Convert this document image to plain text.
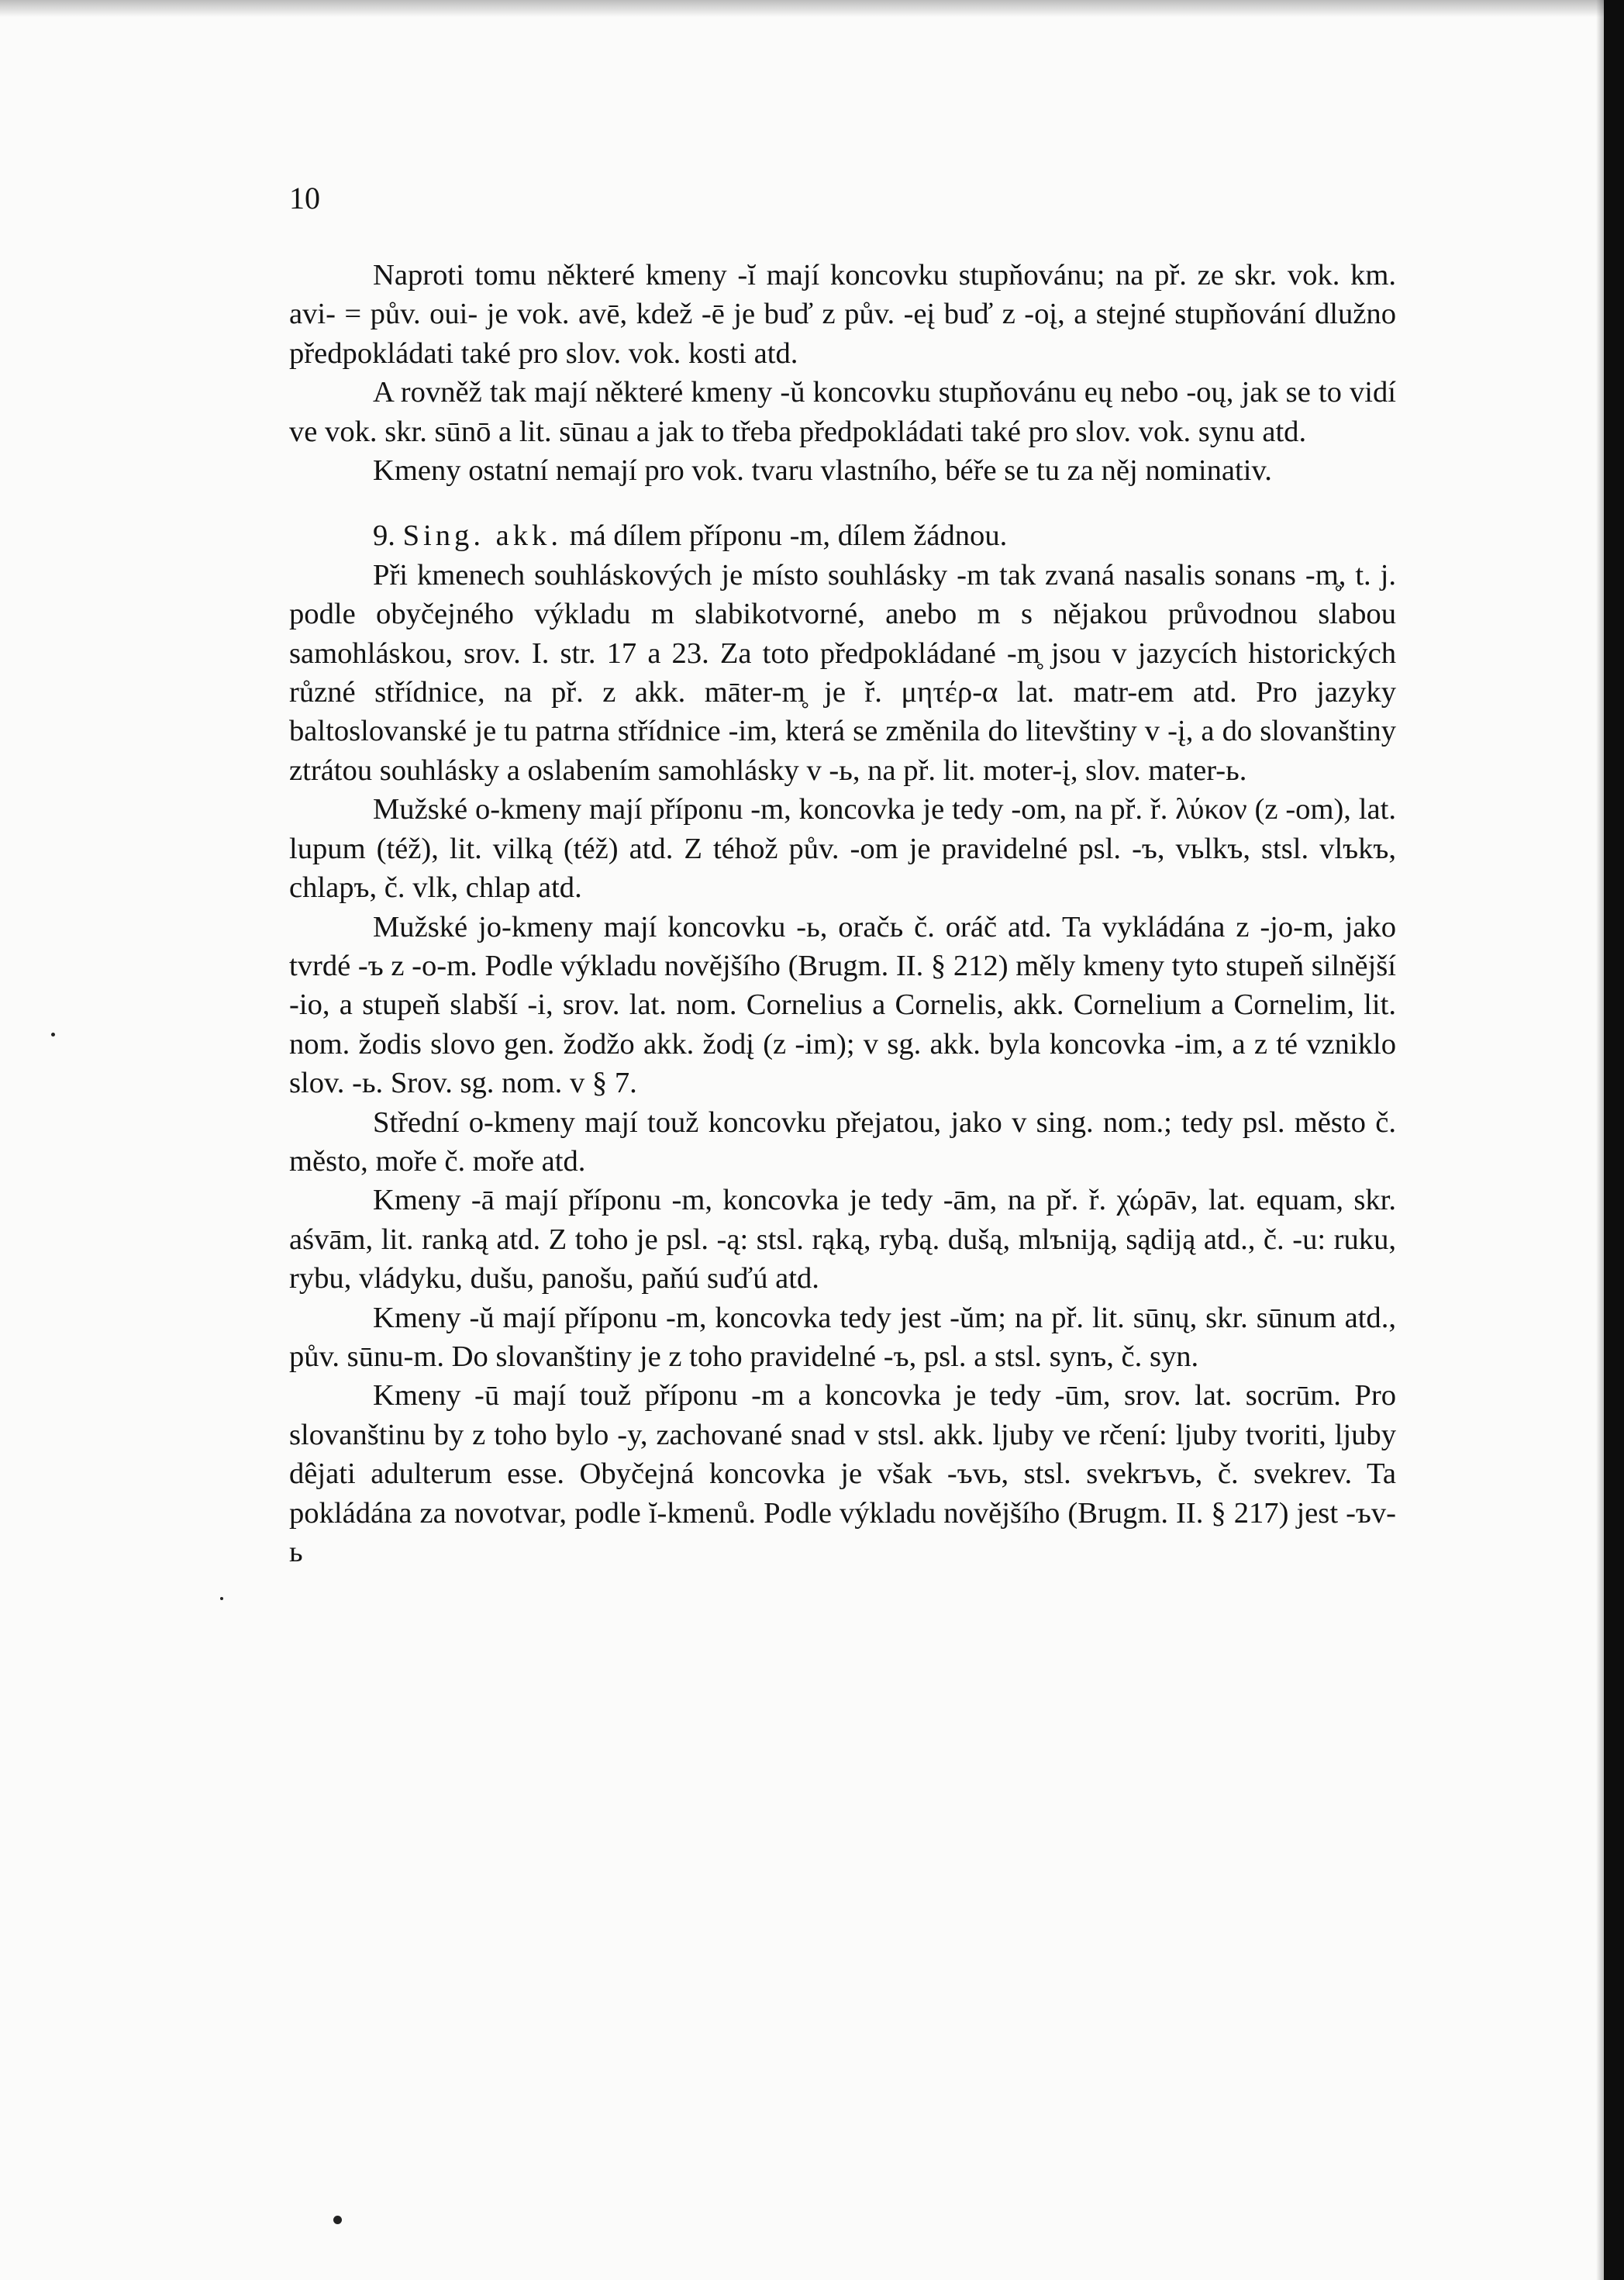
10

Naproti tomu některé kmeny -ĭ mají koncovku stupňovánu; na př. ze skr. vok. km. avi- = pův. oui- je vok. avē, kdež -ē je buď z pův. -eį buď z -oį, a stejné stupňování dlužno předpokládati také pro slov. vok. kosti atd.

A rovněž tak mají některé kmeny -ŭ koncovku stupňovánu eų nebo -oų, jak se to vidí ve vok. skr. sūnō a lit. sūnau a jak to třeba předpokládati také pro slov. vok. synu atd.

Kmeny ostatní nemají pro vok. tvaru vlastního, béře se tu za něj nominativ.

9. Sing. akk. má dílem příponu -m, dílem žádnou.

Při kmenech souhláskových je místo souhlásky -m tak zvaná nasalis sonans -m̥, t. j. podle obyčejného výkladu m slabikotvorné, anebo m s nějakou průvodnou slabou samohláskou, srov. I. str. 17 a 23. Za toto předpokládané -m̥ jsou v jazycích historických různé střídnice, na př. z akk. māter-m̥ je ř. μητέρ-α lat. matr-em atd. Pro jazyky baltoslovanské je tu patrna střídnice -im, která se změnila do litevštiny v -į, a do slovanštiny ztrátou souhlásky a oslabením samohlásky v -ь, na př. lit. moter-į, slov. mater-ь.

Mužské o-kmeny mají příponu -m, koncovka je tedy -om, na př. ř. λύκον (z -om), lat. lupum (též), lit. vilką (též) atd. Z téhož pův. -om je pravidelné psl. -ъ, vьlkъ, stsl. vlъkъ, chlapъ, č. vlk, chlap atd.

Mužské jo-kmeny mají koncovku -ь, oračь č. oráč atd. Ta vykládána z -jo-m, jako tvrdé -ъ z -o-m. Podle výkladu novějšího (Brugm. II. § 212) měly kmeny tyto stupeň silnější -io, a stupeň slabší -i, srov. lat. nom. Cornelius a Cornelis, akk. Cornelium a Cornelim, lit. nom. žodis slovo gen. žodžo akk. žodį (z -im); v sg. akk. byla koncovka -im, a z té vzniklo slov. -ь. Srov. sg. nom. v § 7.

Střední o-kmeny mají touž koncovku přejatou, jako v sing. nom.; tedy psl. město č. město, moře č. moře atd.

Kmeny -ā mají příponu -m, koncovka je tedy -ām, na př. ř. χώρāν, lat. equam, skr. aśvām, lit. ranką atd. Z toho je psl. -ą: stsl. rąką, rybą. dušą, mlъniją, sądiją atd., č. -u: ruku, rybu, vládyku, dušu, panošu, paňú suďú atd.

Kmeny -ŭ mají příponu -m, koncovka tedy jest -ŭm; na př. lit. sūnų, skr. sūnum atd., pův. sūnu-m. Do slovanštiny je z toho pravidelné -ъ, psl. a stsl. synъ, č. syn.

Kmeny -ū mají touž příponu -m a koncovka je tedy -ūm, srov. lat. socrūm. Pro slovanštinu by z toho bylo -y, zachované snad v stsl. akk. ljuby ve rčení: ljuby tvoriti, ljuby dêjati adulterum esse. Obyčejná koncovka je však -ъvь, stsl. svekrъvь, č. svekrev. Ta pokládána za novotvar, podle ĭ-kmenů. Podle výkladu novějšího (Brugm. II. § 217) jest -ъv-ь
